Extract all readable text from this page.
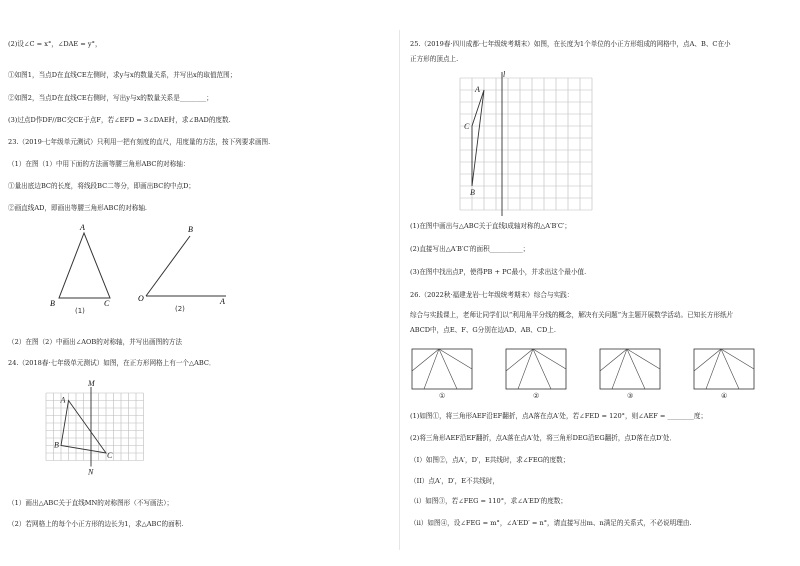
(2)设∠C = x°，∠DAE = y°，
①如图1，当点D在直线CE左侧时，求y与x的数量关系，并写出x的取值范围；
②如图2，当点D在直线CE右侧时，写出y与x的数量关系是________；
(3)过点D作DF//BC交CE于点F，若∠EFD = 3∠DAE时，求∠BAD的度数.
23.（2019·七年级单元测试）只利用一把有刻度的直尺，用度量的方法，按下列要求画图.
（1）在图（1）中用下面的方法画等腰三角形ABC的对称轴：
①量出底边BC的长度，将线段BC二等分，即画出BC的中点D；
②画直线AD，即画出等腰三角形ABC的对称轴.
A
B	C
B
O	A
(1)	(2)
（2）在图（2）中画出∠AOB的对称轴，并写出画图的方法
24.（2018春·七年级单元测试）如图，在正方形网格上有一个△ABC．
M
N
A
B
C
（1）画出△ABC关于直线MN的对称图形（不写画法）；
（2）若网格上的每个小正方形的边长为1，求△ABC的面积.
25.（2019春·四川成都·七年级统考期末）如图，在长度为1个单位的小正方形组成的网格中，点A、B、C在小
正方形的顶点上.
l
A
C
B
(1)在图中画出与△ABC关于直线l成轴对称的△A′B′C′；
(2)直接写出△A′B′C′的面积__________；
(3)在图中找出点P，使得PB + PC最小，并求出这个最小值.
26.（2022秋·福建龙岩·七年级统考期末）综合与实践：
综合与实践课上，老师让同学们以“利用角平分线的概念，解决有关问题”为主题开展数学活动。已知长方形纸片
ABCD中，点E、F、G分别在边AD、AB、CD上.
①	②	③	④
(1)如图①，将三角形AEF沿EF翻折，点A落在点A′处，若∠FED = 120°，则∠AEF = ________度；
(2)将三角形AEF沿EF翻折，点A落在点A′处，将三角形DEG沿EG翻折，点D落在点D′处．
（I）如图②，点A′，D′，E共线时，求∠FEG的度数；
（II）点A′，D′，E不共线时，
（i）如图③，若∠FEG = 110°，求∠A′ED′的度数；
（ii）如图④，设∠FEG = m°，∠A′ED′ = n°，请直接写出m、n满足的关系式，不必说明理由.
